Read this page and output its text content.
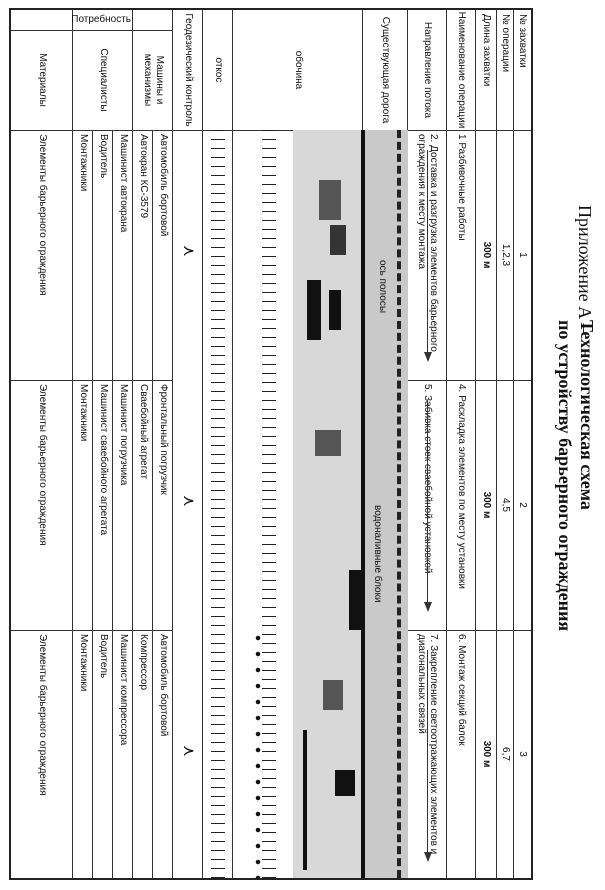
Приложение А –
Технологическая схема
по устройству барьерного ограждения
№ захватки
№ операции
Длина захватки
Наименование операции
Направление потока
Существующая дорога
обочина
откос
Геодезический контроль
Машины и механизмы
Специалисты
Материалы
Потребность
1
1,2,3
300 м
1 Разбивочные работы
2. Доставка и разгрузка элементов барьерного ограждения к месту монтажа
2
4,5
300 м
4. Раскладка элементов по месту установки
5. Забивка стоек сваебойной установкой
3
6,7
300 м
6. Монтаж секций балок
7. Закрепление светоотражающих элементов и диагональных связей
ось полосы
водоналивные блоки
⋏
⋏
⋏
Автомобиль бортовой
Автокран КС-3579
Машинист автокрана
Водитель
Монтажники
Элементы барьерного ограждения
Фронтальный погрузчик
Сваебойный агрегат
Машинист погрузчика
Машинист сваебойного агрегата
Монтажники
Элементы барьерного ограждения
Автомобиль бортовой
Компрессор
Машинист компрессора
Водитель
Монтажники
Элементы барьерного ограждения
